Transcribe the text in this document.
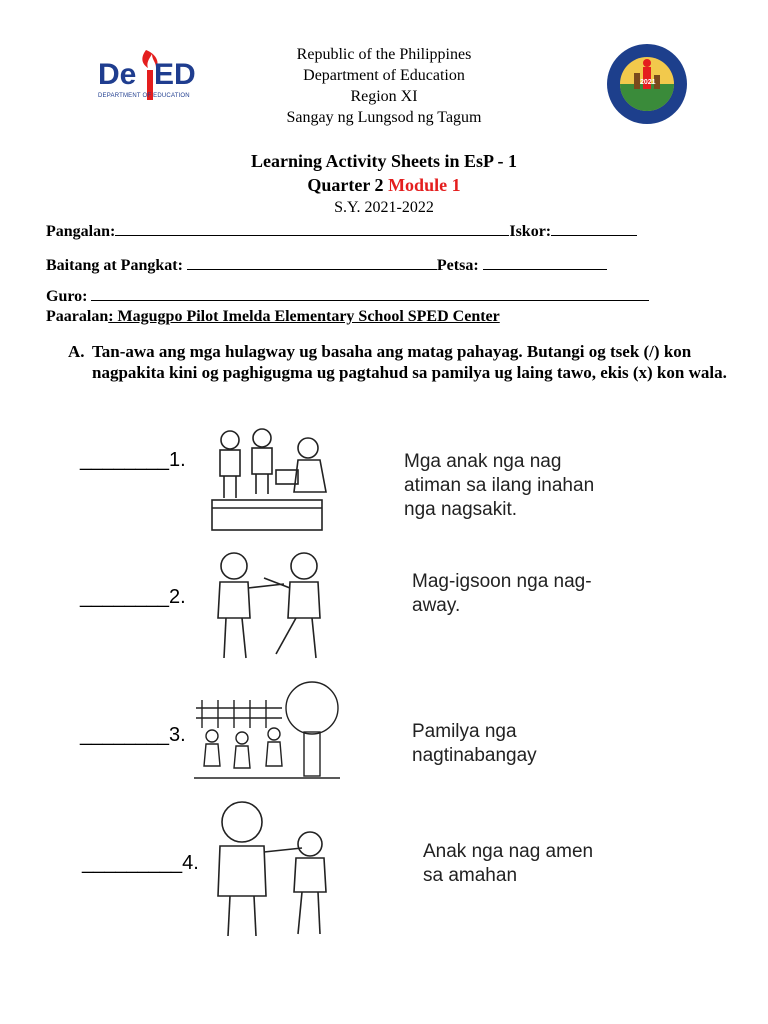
De ED
DEPARTMENT OF EDUCATION
Republic of the Philippines
Department of Education
Region XI
Sangay ng Lungsod ng Tagum
2021
Learning Activity Sheets in EsP - 1
Quarter 2 Module 1
S.Y. 2021-2022
Pangalan:	Iskor:
Baitang at Pangkat:	Petsa:
Guro:
Paaralan: Magugpo Pilot Imelda Elementary School SPED Center
A. Tan-awa ang mga hulagway ug basaha ang matag pahayag. Butangi og tsek (/) kon nagpakita kini og paghigugma ug pagtahud sa pamilya ug laing tawo, ekis (x) kon wala.
________1.	Mga anak nga nag
atiman sa ilang inahan
nga nagsakit.
________2.
Mag-igsoon nga nag-
away.
________3.	Pamilya nga
nagtinabangay
_________4.
Anak nga nag amen
sa amahan
